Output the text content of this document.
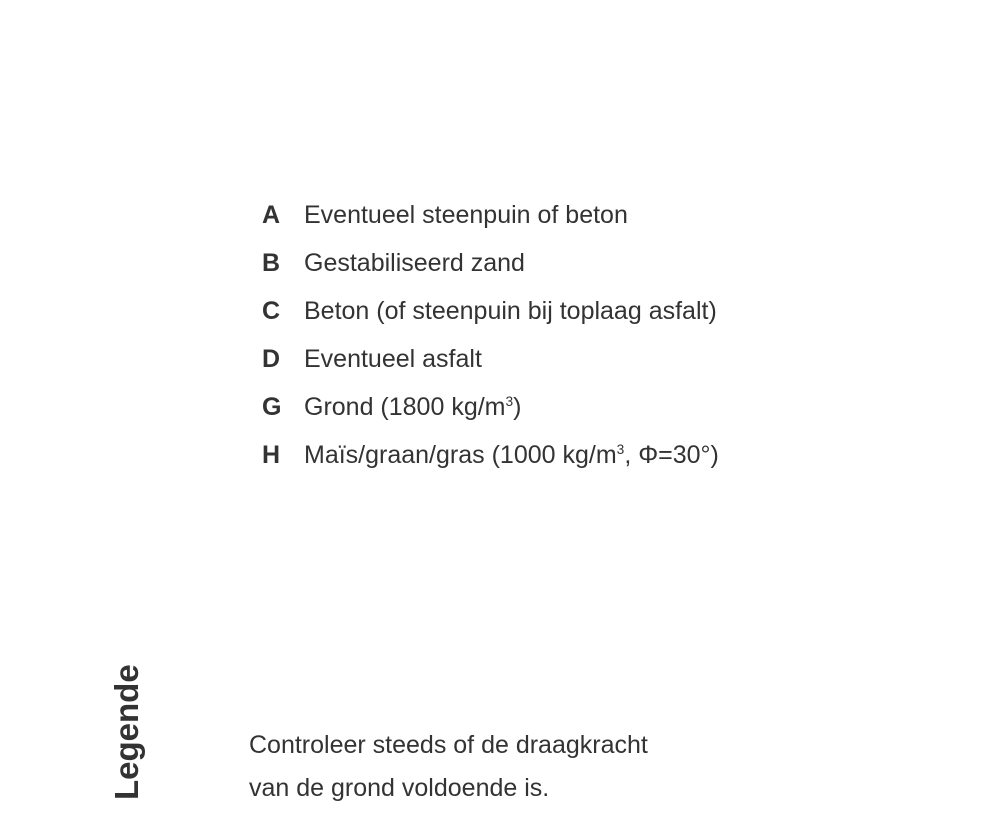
A Eventueel steenpuin of beton
B Gestabiliseerd zand
C Beton (of steenpuin bij toplaag asfalt)
D Eventueel asfalt
G Grond (1800 $kg/m^3$)
H Maïs/graan/gras (1000 $kg/m^3$, Φ=30°)
Legende	Controleer steeds of de draagkracht
van de grond voldoende is.
